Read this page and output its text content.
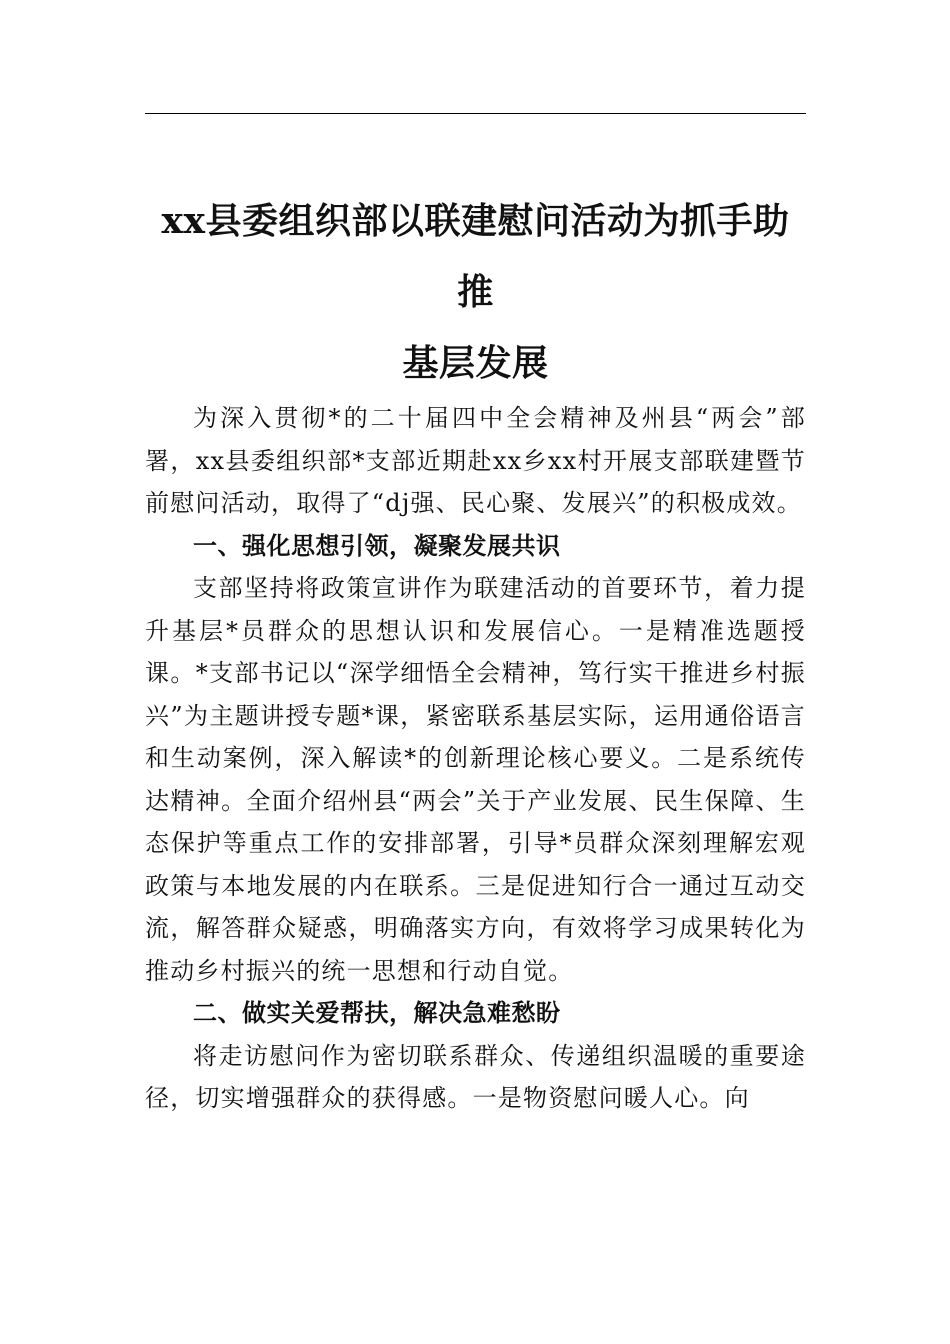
xx县委组织部以联建慰问活动为抓手助推
基层发展

为深入贯彻*的二十届四中全会精神及州县“两会”部署，xx县委组织部*支部近期赴xx乡xx村开展支部联建暨节前慰问活动，取得了“dj强、民心聚、发展兴”的积极成效。

一、强化思想引领，凝聚发展共识

支部坚持将政策宣讲作为联建活动的首要环节，着力提升基层*员群众的思想认识和发展信心。一是精准选题授课。*支部书记以“深学细悟全会精神，笃行实干推进乡村振兴”为主题讲授专题*课，紧密联系基层实际，运用通俗语言和生动案例，深入解读*的创新理论核心要义。二是系统传达精神。全面介绍州县“两会”关于产业发展、民生保障、生态保护等重点工作的安排部署，引导*员群众深刻理解宏观政策与本地发展的内在联系。三是促进知行合一通过互动交流，解答群众疑惑，明确落实方向，有效将学习成果转化为推动乡村振兴的统一思想和行动自觉。

二、做实关爱帮扶，解决急难愁盼

将走访慰问作为密切联系群众、传递组织温暖的重要途径，切实增强群众的获得感。一是物资慰问暖人心。向
